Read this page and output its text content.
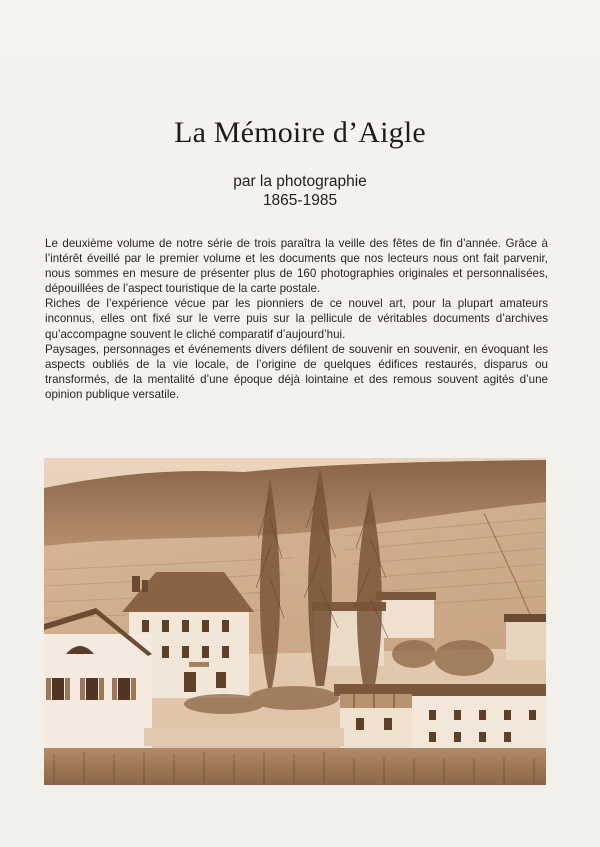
La Mémoire d’Aigle
par la photographie
1865-1985

Le deuxième volume de notre série de trois paraîtra la veille des fêtes de fin d’année. Grâce à l’intérêt éveillé par le premier volume et les documents que nos lecteurs nous ont fait parvenir, nous sommes en mesure de présenter plus de 160 photographies originales et personnalisées, dépouillées de l’aspect touristique de la carte postale.

Riches de l’expérience vécue par les pionniers de ce nouvel art, pour la plupart amateurs inconnus, elles ont fixé sur le verre puis sur la pellicule de véritables documents d’archives qu’accompagne souvent le cliché comparatif d’aujourd’hui.

Paysages, personnages et événements divers défilent de souvenir en souvenir, en évoquant les aspects oubliés de la vie locale, de l’origine de quelques édifices restaurés, disparus ou transformés, de la mentalité d’une époque déjà lointaine et des remous souvent agités d’une opinion publique versatile.
